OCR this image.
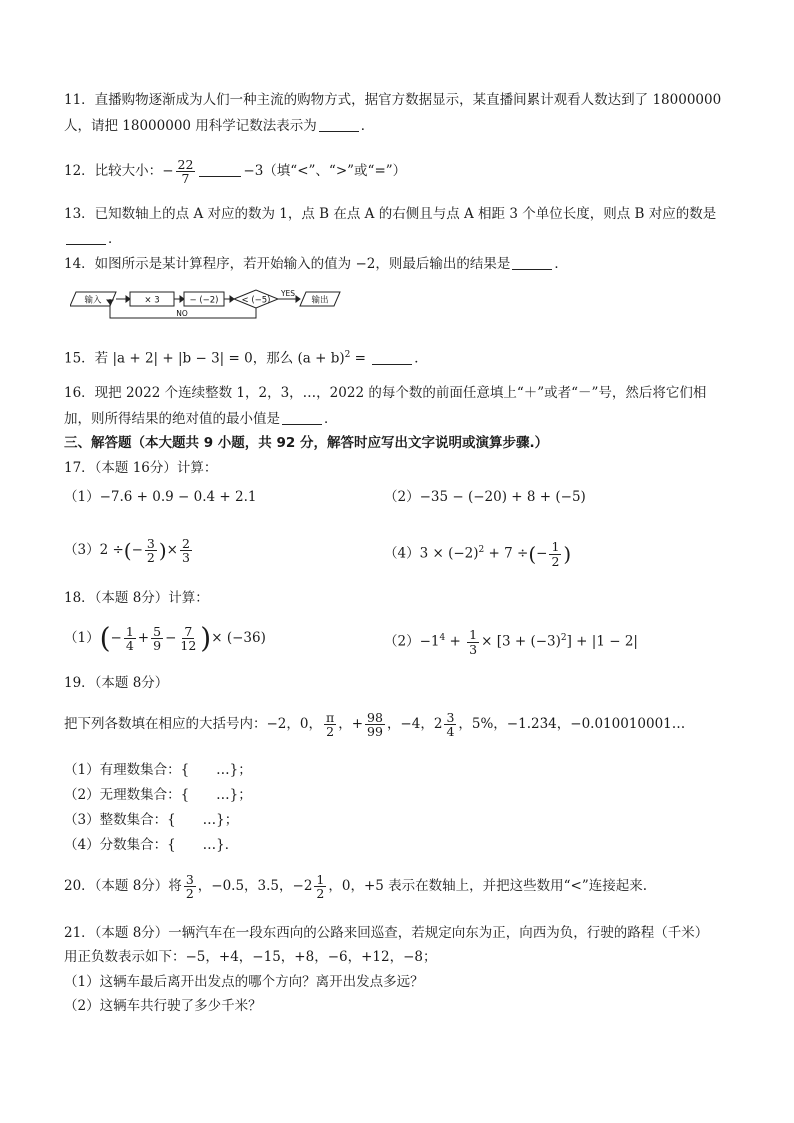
11．直播购物逐渐成为人们一种主流的购物方式，据官方数据显示，某直播间累计观看人数达到了 18000000
人，请把 18000000 用科学记数法表示为	．
12．比较大小：− $\frac{22}{7}$	−3（填“<”、“>”或“=”）
13．已知数轴上的点 A 对应的数为 1，点 B 在点 A 的右侧且与点 A 相距 3 个单位长度，则点 B 对应的数是
．
14．如图所示是某计算程序，若开始输入的值为 −2，则最后输出的结果是	．
输入	× 3	− (−2)	< (−5)
YES
输出
NO
15．若 |a + 2| + |b − 3| = 0，那么 $(a + b)^2$ =	．
16．现把 2022 个连续整数 1，2，3，…，2022 的每个数的前面任意填上“＋”或者“－”号，然后将它们相
加，则所得结果的绝对值的最小值是	．
三、解答题（本大题共 9 小题，共 92 分，解答时应写出文字说明或演算步骤.）
17．（本题 16分）计算：
（1）−7.6 + 0.9 − 0.4 + 2.1	（2）−35 − (−20) + 8 + (−5)
（3）2 ÷(− $\frac{3}{2}$ )× $\frac{2}{3}$	$(4)3 \times (-2)^2 + 7$ ÷(− $\frac{1}{2}$ )
18．（本题 8分）计算：
$(1)(- \frac{1}{4} + \frac{5}{9} - \frac{7}{12}$ )× (−36)	$(2)-1^4 + \frac{1}{3} \times [3 + (-3)^2] + |1 - 2|$
19．（本题 8分）
把下列各数填在相应的大括号内：−2，0， $\frac{\pi}{2}$ ，+ $\frac{98}{99}$ ，−4，$2 \frac{3}{4}$ ，5%，−1.23̇4̇，−0.010010001…
（1）有理数集合：{　　…}；
（2）无理数集合：{　　…}；
（3）整数集合：{　　…}；
（4）分数集合：{　　…}．
20．（本题 8分）将 $\frac{3}{2}$ ，−0.5，3.5，$-2 \frac{1}{2}$ ，0，+5 表示在数轴上，并把这些数用“<”连接起来.
21．（本题 8分）一辆汽车在一段东西向的公路来回巡查，若规定向东为正，向西为负，行驶的路程（千米）
用正负数表示如下：−5，+4，−15，+8，−6，+12，−8；
（1）这辆车最后离开出发点的哪个方向？离开出发点多远？
（2）这辆车共行驶了多少千米？
